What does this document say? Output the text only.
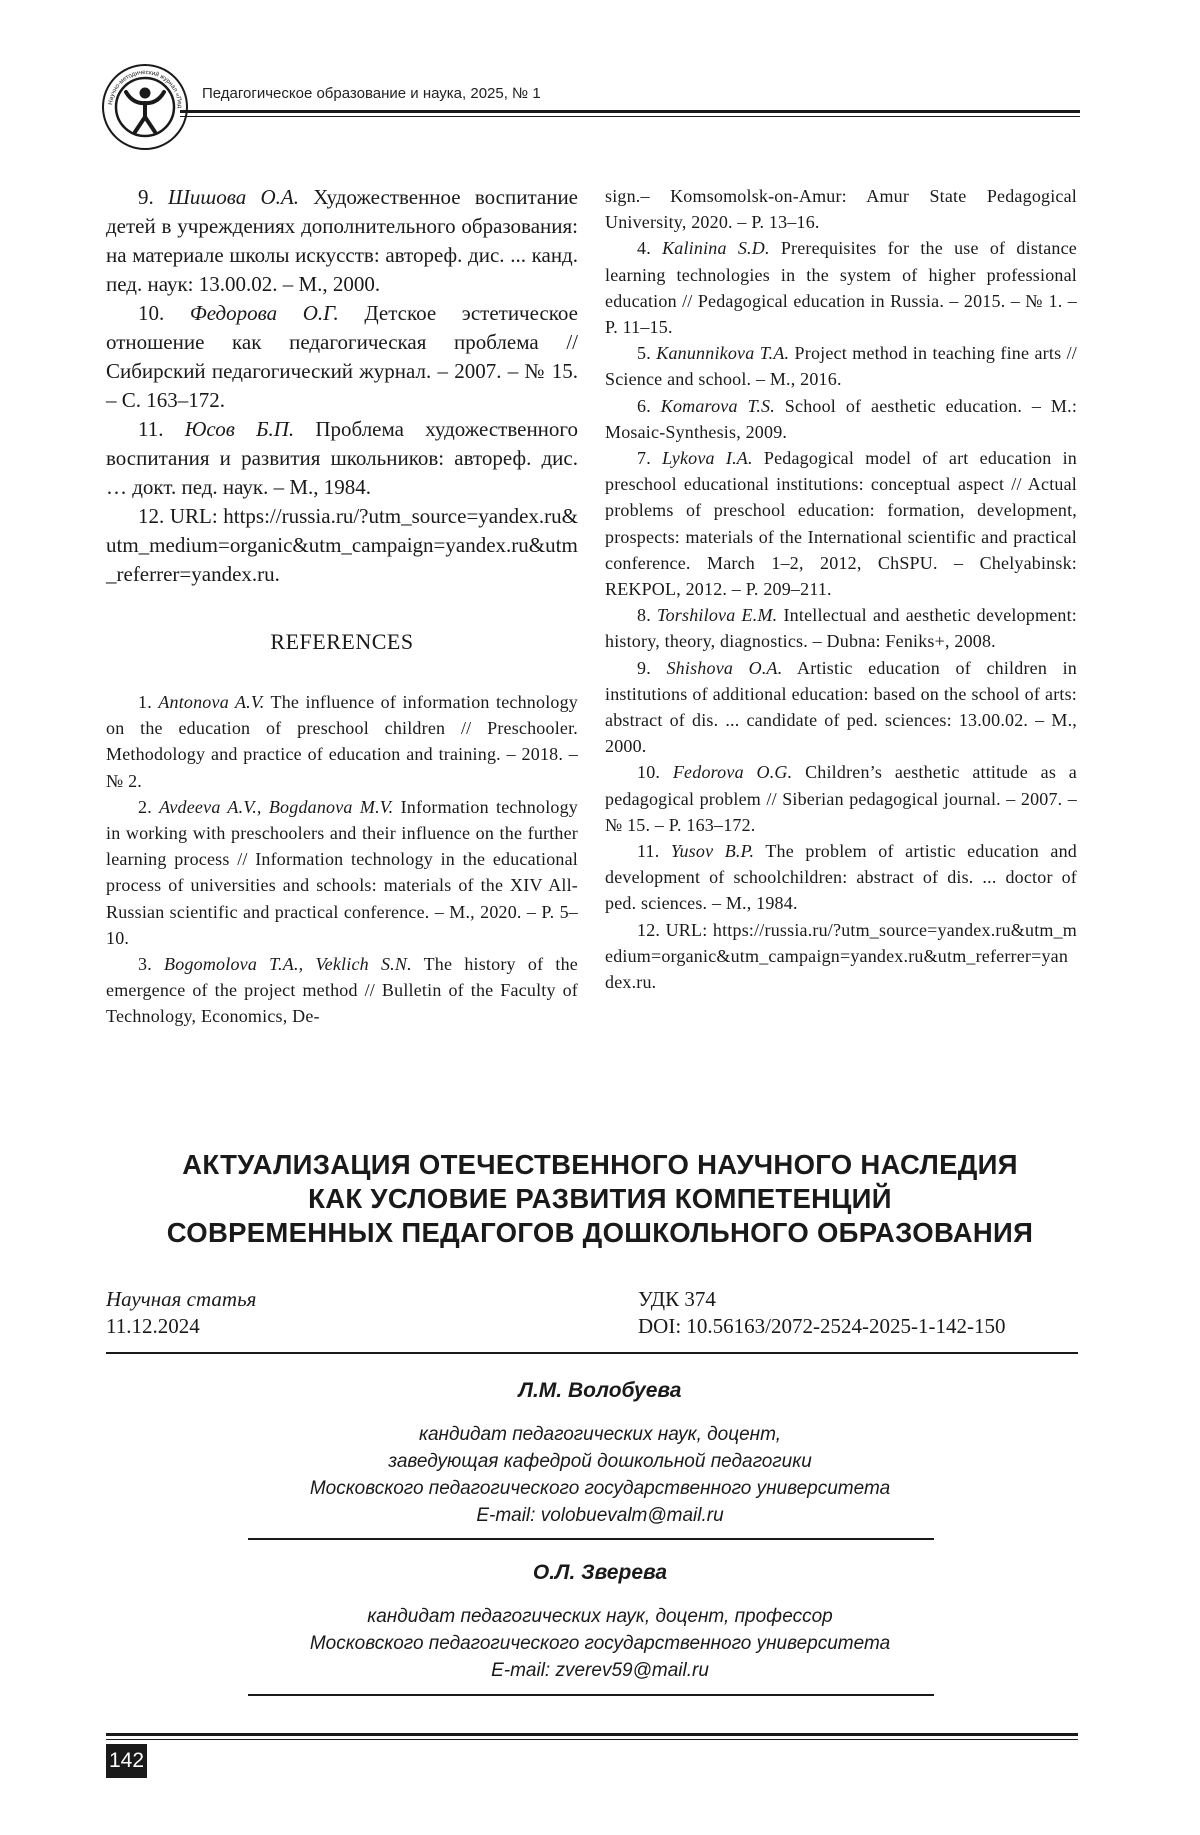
Научно-методический журнал «Пед
Педагогическое образование и наука, 2025, № 1

9. Шишова О.А. Художественное воспитание детей в учреждениях дополнительного образования: на материале школы искусств: автореф. дис. ... канд. пед. наук: 13.00.02. – М., 2000.

10. Федорова О.Г. Детское эстетическое отношение как педагогическая проблема // Сибирский педагогический журнал. – 2007. – № 15. – С. 163–172.

11. Юсов Б.П. Проблема художественного воспитания и развития школьников: автореф. дис. … докт. пед. наук. – М., 1984.

12. URL: https://russia.ru/?utm_source=yandex.ru&utm_medium=organic&utm_campaign=yandex.ru&utm_referrer=yandex.ru.

REFERENCES

1. Antonova A.V. The influence of information technology on the education of preschool children // Preschooler. Methodology and practice of education and training. – 2018. – № 2.

2. Avdeeva A.V., Bogdanova M.V. Information technology in working with preschoolers and their influence on the further learning process // Information technology in the educational process of universities and schools: materials of the XIV All-Russian scientific and practical conference. – M., 2020. – P. 5–10.

3. Bogomolova T.A., Veklich S.N. The history of the emergence of the project method // Bulletin of the Faculty of Technology, Economics, De-

sign.– Komsomolsk-on-Amur: Amur State Pedagogical University, 2020. – P. 13–16.

4. Kalinina S.D. Prerequisites for the use of distance learning technologies in the system of higher professional education // Pedagogical education in Russia. – 2015. – № 1. – P. 11–15.

5. Kanunnikova T.A. Project method in teaching fine arts // Science and school. – M., 2016.

6. Komarova T.S. School of aesthetic education. – M.: Mosaic-Synthesis, 2009.

7. Lykova I.A. Pedagogical model of art education in preschool educational institutions: conceptual aspect // Actual problems of preschool education: formation, development, prospects: materials of the International scientific and practical conference. March 1–2, 2012, ChSPU. – Chelyabinsk: REKPOL, 2012. – P. 209–211.

8. Torshilova E.M. Intellectual and aesthetic development: history, theory, diagnostics. – Dubna: Feniks+, 2008.

9. Shishova O.A. Artistic education of children in institutions of additional education: based on the school of arts: abstract of dis. ... candidate of ped. sciences: 13.00.02. – M., 2000.

10. Fedorova O.G. Children’s aesthetic attitude as a pedagogical problem // Siberian pedagogical journal. – 2007. – № 15. – P. 163–172.

11. Yusov B.P. The problem of artistic education and development of schoolchildren: abstract of dis. ... doctor of ped. sciences. – M., 1984.

12. URL: https://russia.ru/?utm_source=yandex.ru&utm_medium=organic&utm_campaign=yandex.ru&utm_referrer=yandex.ru.

АКТУАЛИЗАЦИЯ ОТЕЧЕСТВЕННОГО НАУЧНОГО НАСЛЕДИЯ
КАК УСЛОВИЕ РАЗВИТИЯ КОМПЕТЕНЦИЙ
СОВРЕМЕННЫХ ПЕДАГОГОВ ДОШКОЛЬНОГО ОБРАЗОВАНИЯ
Научная статья
11.12.2024
УДК 374
DOI: 10.56163/2072-2524-2025-1-142-150
Л.М. Волобуева
кандидат педагогических наук, доцент,
заведующая кафедрой дошкольной педагогики
Московского педагогического государственного университета
E-mail: volobuevalm@mail.ru
О.Л. Зверева
кандидат педагогических наук, доцент, профессор
Московского педагогического государственного университета
E-mail: zverev59@mail.ru
142
